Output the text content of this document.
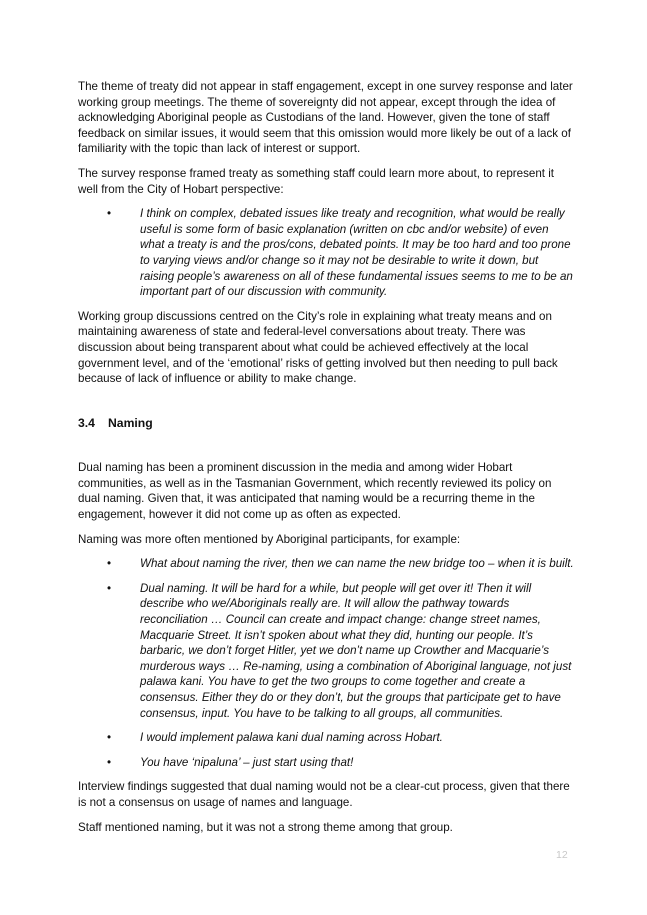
The theme of treaty did not appear in staff engagement, except in one survey response and later working group meetings. The theme of sovereignty did not appear, except through the idea of acknowledging Aboriginal people as Custodians of the land. However, given the tone of staff feedback on similar issues, it would seem that this omission would more likely be out of a lack of familiarity with the topic than lack of interest or support.

The survey response framed treaty as something staff could learn more about, to represent it well from the City of Hobart perspective:

• I think on complex, debated issues like treaty and recognition, what would be really useful is some form of basic explanation (written on cbc and/or website) of even what a treaty is and the pros/cons, debated points. It may be too hard and too prone to varying views and/or change so it may not be desirable to write it down, but raising people’s awareness on all of these fundamental issues seems to me to be an important part of our discussion with community.

Working group discussions centred on the City’s role in explaining what treaty means and on maintaining awareness of state and federal-level conversations about treaty. There was discussion about being transparent about what could be achieved effectively at the local government level, and of the ‘emotional’ risks of getting involved but then needing to pull back because of lack of influence or ability to make change.

3.4	Naming

Dual naming has been a prominent discussion in the media and among wider Hobart communities, as well as in the Tasmanian Government, which recently reviewed its policy on dual naming. Given that, it was anticipated that naming would be a recurring theme in the engagement, however it did not come up as often as expected.

Naming was more often mentioned by Aboriginal participants, for example:

• What about naming the river, then we can name the new bridge too – when it is built.
• Dual naming. It will be hard for a while, but people will get over it! Then it will describe who we/Aboriginals really are. It will allow the pathway towards reconciliation … Council can create and impact change: change street names, Macquarie Street. It isn’t spoken about what they did, hunting our people. It’s barbaric, we don’t forget Hitler, yet we don’t name up Crowther and Macquarie’s murderous ways … Re-naming, using a combination of Aboriginal language, not just palawa kani. You have to get the two groups to come together and create a consensus. Either they do or they don’t, but the groups that participate get to have consensus, input. You have to be talking to all groups, all communities.
• I would implement palawa kani dual naming across Hobart.
• You have ‘nipaluna’ – just start using that!

Interview findings suggested that dual naming would not be a clear-cut process, given that there is not a consensus on usage of names and language.

Staff mentioned naming, but it was not a strong theme among that group.

12
